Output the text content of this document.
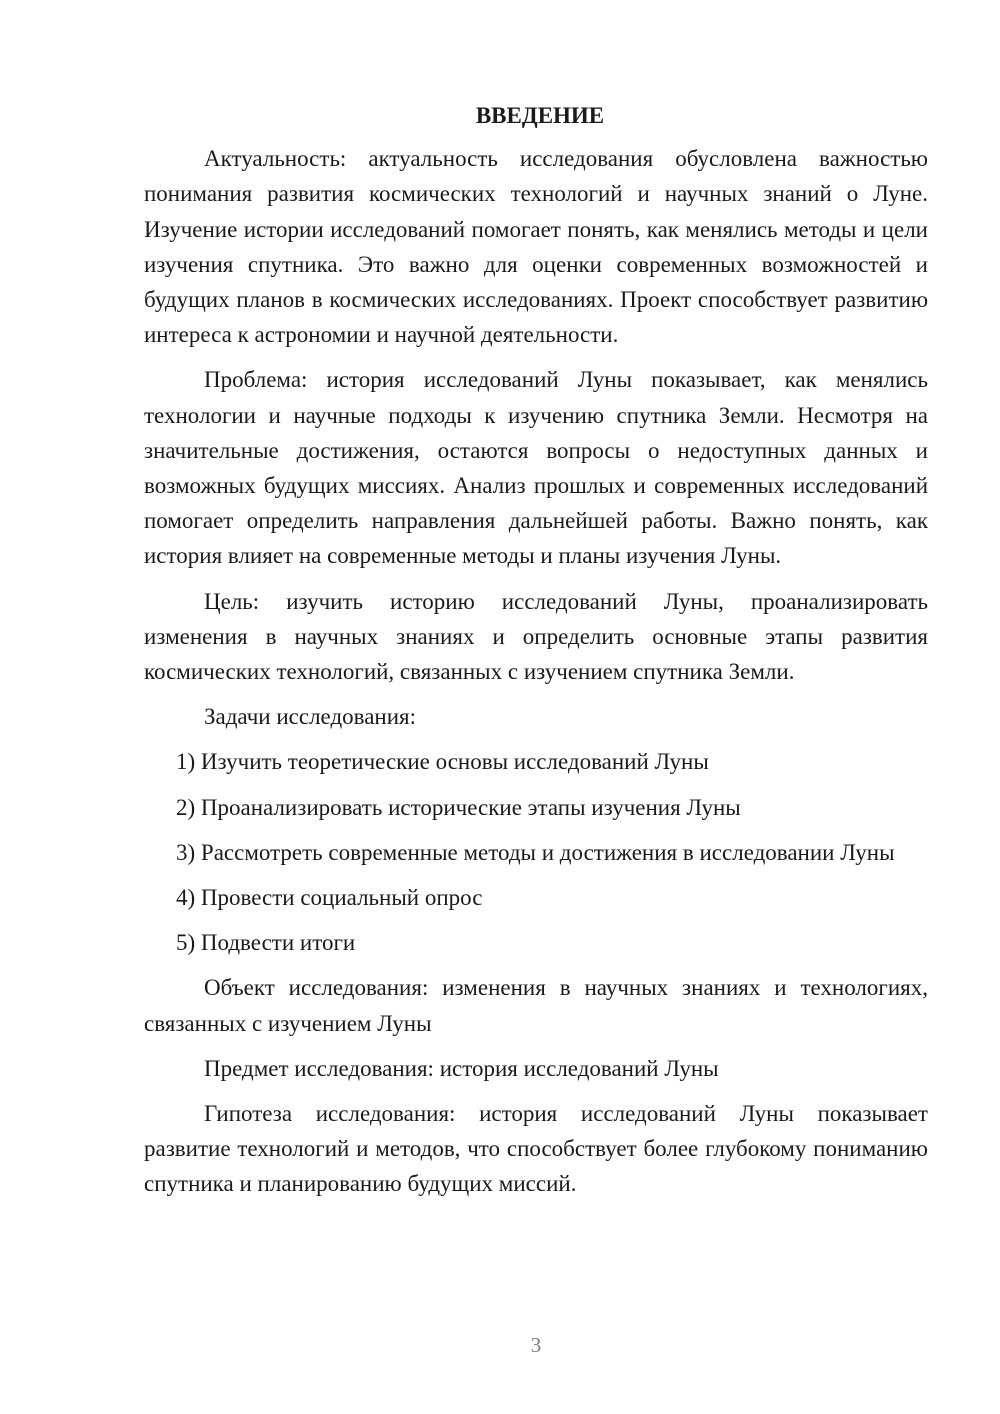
ВВЕДЕНИЕ

Актуальность: актуальность исследования обусловлена важностью понимания развития космических технологий и научных знаний о Луне. Изучение истории исследований помогает понять, как менялись методы и цели изучения спутника. Это важно для оценки современных возможностей и будущих планов в космических исследованиях. Проект способствует развитию интереса к астрономии и научной деятельности.

Проблема: история исследований Луны показывает, как менялись технологии и научные подходы к изучению спутника Земли. Несмотря на значительные достижения, остаются вопросы о недоступных данных и возможных будущих миссиях. Анализ прошлых и современных исследований помогает определить направления дальнейшей работы. Важно понять, как история влияет на современные методы и планы изучения Луны.

Цель: изучить историю исследований Луны, проанализировать изменения в научных знаниях и определить основные этапы развития космических технологий, связанных с изучением спутника Земли.

Задачи исследования:

1) Изучить теоретические основы исследований Луны

2) Проанализировать исторические этапы изучения Луны

3) Рассмотреть современные методы и достижения в исследовании Луны

4) Провести социальный опрос

5) Подвести итоги

Объект исследования: изменения в научных знаниях и технологиях, связанных с изучением Луны

Предмет исследования: история исследований Луны

Гипотеза исследования: история исследований Луны показывает развитие технологий и методов, что способствует более глубокому пониманию спутника и планированию будущих миссий.

3
